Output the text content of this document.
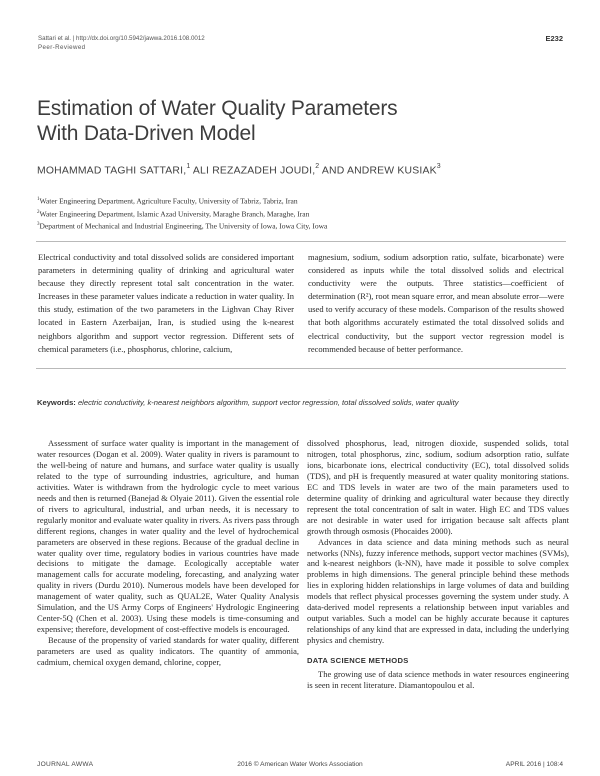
Sattari et al. | http://dx.doi.org/10.5942/jawwa.2016.108.0012
Peer-Reviewed
E232
Estimation of Water Quality Parameters
With Data-Driven Model
MOHAMMAD TAGHI SATTARI,$^1$ ALI REZAZADEH JOUDI,$^2$ AND ANDREW KUSIAK$^3$
$^1$Water Engineering Department, Agriculture Faculty, University of Tabriz, Tabriz, Iran
$^2$Water Engineering Department, Islamic Azad University, Maraghe Branch, Maraghe, Iran
$^3$Department of Mechanical and Industrial Engineering, The University of Iowa, Iowa City, Iowa
Electrical conductivity and total dissolved solids are considered important parameters in determining quality of drinking and agricultural water because they directly represent total salt concentration in the water. Increases in these parameter values indicate a reduction in water quality. In this study, estimation of the two parameters in the Lighvan Chay River located in Eastern Azerbaijan, Iran, is studied using the k-nearest neighbors algorithm and support vector regression. Different sets of chemical parameters (i.e., phosphorus, chlorine, calcium,
magnesium, sodium, sodium adsorption ratio, sulfate, bicarbonate) were considered as inputs while the total dissolved solids and electrical conductivity were the outputs. Three statistics—coefficient of determination (R²), root mean square error, and mean absolute error—were used to verify accuracy of these models. Comparison of the results showed that both algorithms accurately estimated the total dissolved solids and electrical conductivity, but the support vector regression model is recommended because of better performance.
Keywords: electric conductivity, k-nearest neighbors algorithm, support vector regression, total dissolved solids, water quality

Assessment of surface water quality is important in the management of water resources (Dogan et al. 2009). Water quality in rivers is paramount to the well-being of nature and humans, and surface water quality is usually related to the type of surrounding industries, agriculture, and human activities. Water is withdrawn from the hydrologic cycle to meet various needs and then is returned (Banejad & Olyaie 2011). Given the essential role of rivers to agricultural, industrial, and urban needs, it is necessary to regularly monitor and evaluate water quality in rivers. As rivers pass through different regions, changes in water quality and the level of hydrochemical parameters are observed in these regions. Because of the gradual decline in water quality over time, regulatory bodies in various countries have made decisions to mitigate the damage. Ecologically acceptable water management calls for accurate modeling, forecasting, and analyzing water quality in rivers (Durdu 2010). Numerous models have been developed for management of water quality, such as QUAL2E, Water Quality Analysis Simulation, and the US Army Corps of Engineers' Hydrologic Engineering Center-5Q (Chen et al. 2003). Using these models is time-consuming and expensive; therefore, development of cost-effective models is encouraged.

Because of the propensity of varied standards for water quality, different parameters are used as quality indicators. The quantity of ammonia, cadmium, chemical oxygen demand, chlorine, copper,

dissolved phosphorus, lead, nitrogen dioxide, suspended solids, total nitrogen, total phosphorus, zinc, sodium, sodium adsorption ratio, sulfate ions, bicarbonate ions, electrical conductivity (EC), total dissolved solids (TDS), and pH is frequently measured at water quality monitoring stations. EC and TDS levels in water are two of the main parameters used to determine quality of drinking and agricultural water because they directly represent the total concentration of salt in water. High EC and TDS values are not desirable in water used for irrigation because salt affects plant growth through osmosis (Phocaides 2000).

Advances in data science and data mining methods such as neural networks (NNs), fuzzy inference methods, support vector machines (SVMs), and k-nearest neighbors (k-NN), have made it possible to solve complex problems in high dimensions. The general principle behind these methods lies in exploring hidden relationships in large volumes of data and building models that reflect physical processes governing the system under study. A data-derived model represents a relationship between input variables and output variables. Such a model can be highly accurate because it captures relationships of any kind that are expressed in data, including the underlying physics and chemistry.

DATA SCIENCE METHODS

The growing use of data science methods in water resources engineering is seen in recent literature. Diamantopoulou et al.

JOURNAL AWWA	2016 © American Water Works Association	APRIL 2016 | 108:4
